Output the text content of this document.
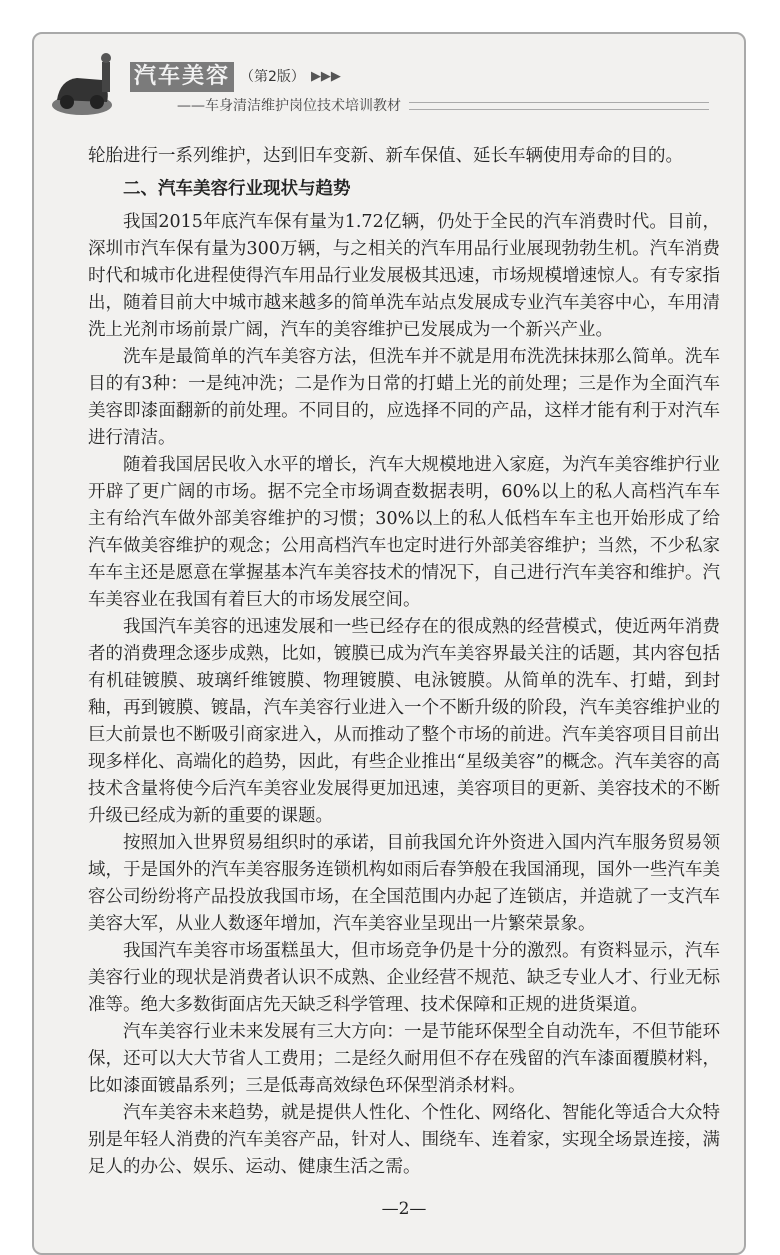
汽车美容 （第2版） ▶▶▶
——车身清洁维护岗位技术培训教材

轮胎进行一系列维护，达到旧车变新、新车保值、延长车辆使用寿命的目的。

二、汽车美容行业现状与趋势

我国2015年底汽车保有量为1.72亿辆，仍处于全民的汽车消费时代。目前，深圳市汽车保有量为300万辆，与之相关的汽车用品行业展现勃勃生机。汽车消费时代和城市化进程使得汽车用品行业发展极其迅速，市场规模增速惊人。有专家指出，随着目前大中城市越来越多的简单洗车站点发展成专业汽车美容中心，车用清洗上光剂市场前景广阔，汽车的美容维护已发展成为一个新兴产业。

洗车是最简单的汽车美容方法，但洗车并不就是用布洗洗抹抹那么简单。洗车目的有3种：一是纯冲洗；二是作为日常的打蜡上光的前处理；三是作为全面汽车美容即漆面翻新的前处理。不同目的，应选择不同的产品，这样才能有利于对汽车进行清洁。

随着我国居民收入水平的增长，汽车大规模地进入家庭，为汽车美容维护行业开辟了更广阔的市场。据不完全市场调查数据表明，60%以上的私人高档汽车车主有给汽车做外部美容维护的习惯；30%以上的私人低档车车主也开始形成了给汽车做美容维护的观念；公用高档汽车也定时进行外部美容维护；当然，不少私家车车主还是愿意在掌握基本汽车美容技术的情况下，自己进行汽车美容和维护。汽车美容业在我国有着巨大的市场发展空间。

我国汽车美容的迅速发展和一些已经存在的很成熟的经营模式，使近两年消费者的消费理念逐步成熟，比如，镀膜已成为汽车美容界最关注的话题，其内容包括有机硅镀膜、玻璃纤维镀膜、物理镀膜、电泳镀膜。从简单的洗车、打蜡，到封釉，再到镀膜、镀晶，汽车美容行业进入一个不断升级的阶段，汽车美容维护业的巨大前景也不断吸引商家进入，从而推动了整个市场的前进。汽车美容项目目前出现多样化、高端化的趋势，因此，有些企业推出“星级美容”的概念。汽车美容的高技术含量将使今后汽车美容业发展得更加迅速，美容项目的更新、美容技术的不断升级已经成为新的重要的课题。

按照加入世界贸易组织时的承诺，目前我国允许外资进入国内汽车服务贸易领域，于是国外的汽车美容服务连锁机构如雨后春笋般在我国涌现，国外一些汽车美容公司纷纷将产品投放我国市场，在全国范围内办起了连锁店，并造就了一支汽车美容大军，从业人数逐年增加，汽车美容业呈现出一片繁荣景象。

我国汽车美容市场蛋糕虽大，但市场竞争仍是十分的激烈。有资料显示，汽车美容行业的现状是消费者认识不成熟、企业经营不规范、缺乏专业人才、行业无标准等。绝大多数街面店先天缺乏科学管理、技术保障和正规的进货渠道。

汽车美容行业未来发展有三大方向：一是节能环保型全自动洗车，不但节能环保，还可以大大节省人工费用；二是经久耐用但不存在残留的汽车漆面覆膜材料，比如漆面镀晶系列；三是低毒高效绿色环保型消杀材料。

汽车美容未来趋势，就是提供人性化、个性化、网络化、智能化等适合大众特别是年轻人消费的汽车美容产品，针对人、围绕车、连着家，实现全场景连接，满足人的办公、娱乐、运动、健康生活之需。

—2—
